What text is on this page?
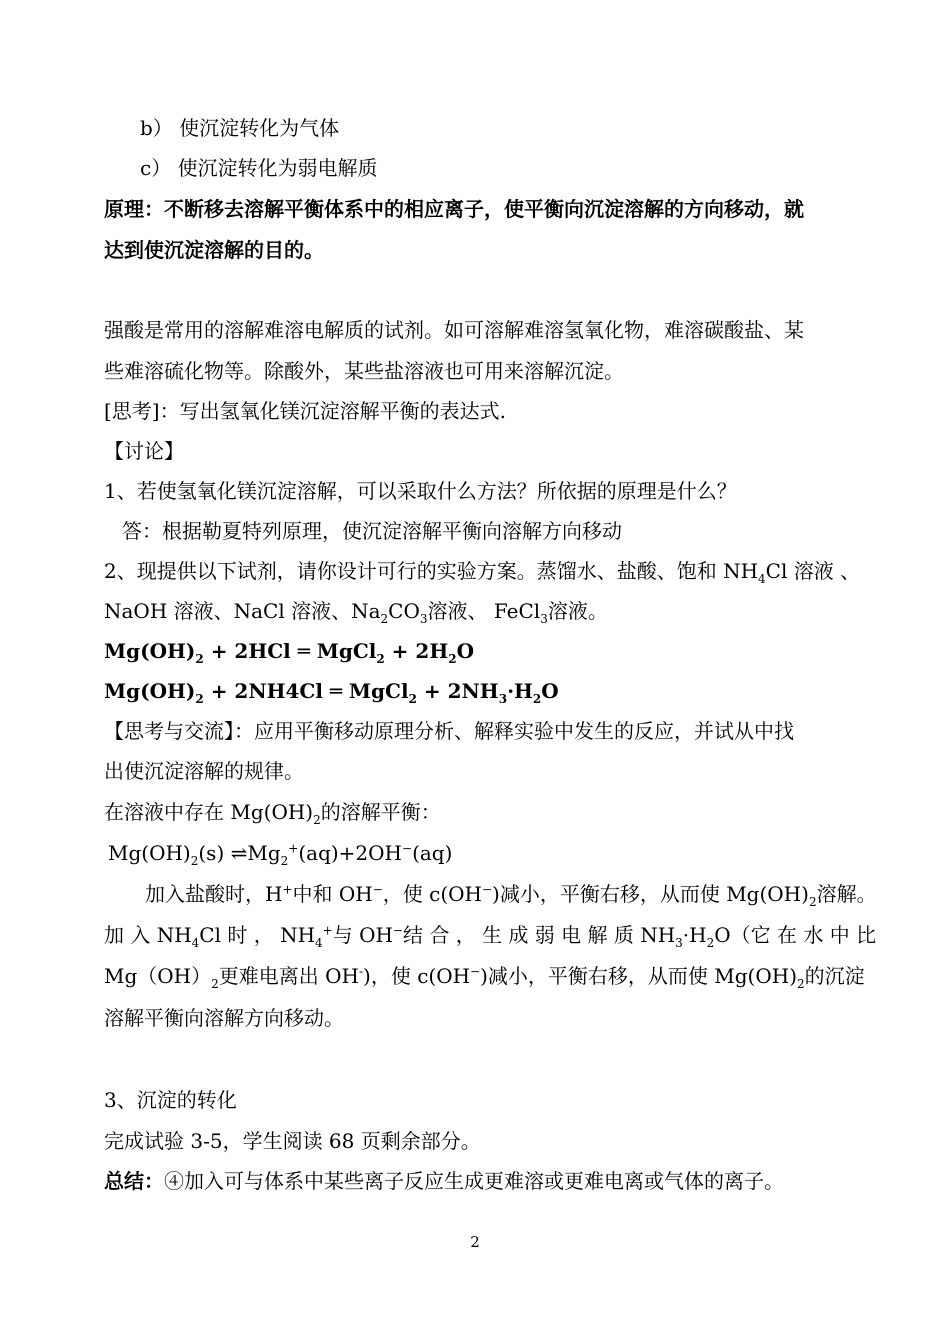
b） 使沉淀转化为气体
c） 使沉淀转化为弱电解质
原理：不断移去溶解平衡体系中的相应离子，使平衡向沉淀溶解的方向移动，就
达到使沉淀溶解的目的。
强酸是常用的溶解难溶电解质的试剂。如可溶解难溶氢氧化物，难溶碳酸盐、某
些难溶硫化物等。除酸外，某些盐溶液也可用来溶解沉淀。
[思考]：写出氢氧化镁沉淀溶解平衡的表达式.
【讨论】
1、若使氢氧化镁沉淀溶解，可以采取什么方法？所依据的原理是什么？
答：根据勒夏特列原理，使沉淀溶解平衡向溶解方向移动
2、现提供以下试剂，请你设计可行的实验方案。蒸馏水、盐酸、饱和 $NH_4Cl$ 溶液 、
NaOH 溶液、NaCl 溶液、$Na_2CO_3$溶液、 FeCl$_3$溶液。
$Mg(OH)_2 + 2HCl$ ═ MgCl$_2$ + $2H_2O$
$Mg(OH)_2 + 2NH4Cl$ ═ MgCl$_2$ + $2NH_3\cdot H_2O$
【思考与交流】：应用平衡移动原理分析、解释实验中发生的反应，并试从中找
出使沉淀溶解的规律。
在溶液中存在 $Mg(OH)_2$的溶解平衡：
$Mg(OH)_2(s)$ $\rightleftharpoons Mg_2^+(aq)+2OH^-(aq)$
加入盐酸时，H+中和 OH−，使 c(OH−)减小，平衡右移，从而使 $Mg(OH)_2$溶解。
加 入 $NH_4Cl$ 时 ， $NH_4^+$与 OH−结 合 ， 生 成 弱 电 解 质 $NH_3\cdot H_2O$（它 在 水 中 比
$Mg(OH)_2$更难电离出 OH-)，使 c(OH−)减小，平衡右移，从而使 $Mg(OH)_2$的沉淀
溶解平衡向溶解方向移动。
3、沉淀的转化
完成试验 3-5，学生阅读 68 页剩余部分。
总结：④加入可与体系中某些离子反应生成更难溶或更难电离或气体的离子。
2
